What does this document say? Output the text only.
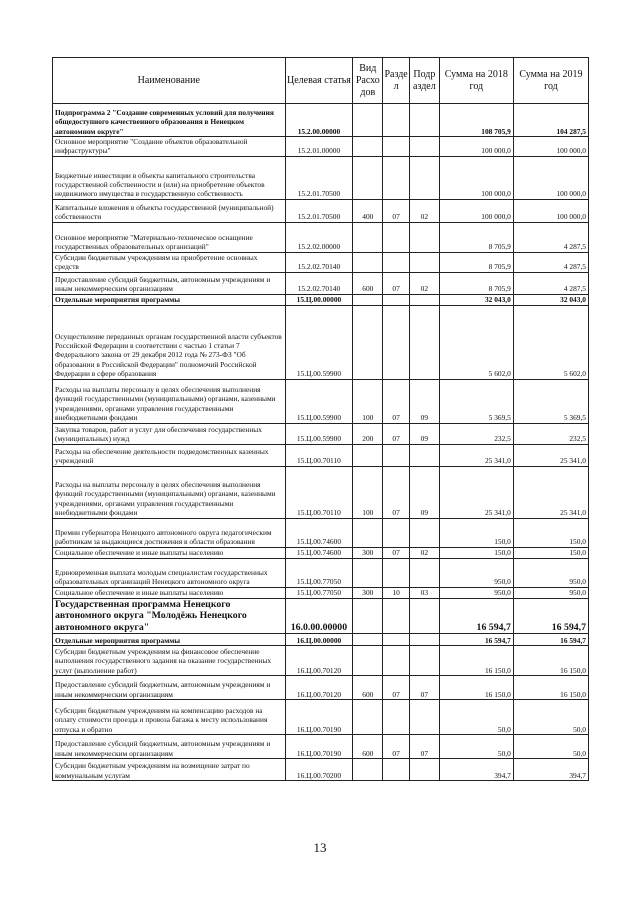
Наименование	Целевая статья	Вид Расхо дов	Разде л	Подр аздел	Сумма на 2018 год	Сумма на 2019 год
Подпрограмма 2 "Создание современных условий для получения общедоступного качественного образования в Ненецком автономном округе"	15.2.00.00000				108 705,9	104 287,5
Основное мероприятие "Создание объектов образовательной инфраструктуры"	15.2.01.00000				100 000,0	100 000,0
Бюджетные инвестиции в объекты капитального строительства государственной собственности и (или) на приобретение объектов недвижимого имущества в государственную собственность	15.2.01.70500				100 000,0	100 000,0
Капитальные вложения в объекты государственной (муниципальной) собственности	15.2.01.70500	400	07	02	100 000,0	100 000,0
Основное мероприятие "Материально-техническое оснащение государственных образовательных организаций"	15.2.02.00000				8 705,9	4 287,5
Субсидии бюджетным учреждениям на приобретение основных средств	15.2.02.70140				8 705,9	4 287,5
Предоставление субсидий бюджетным, автономным учреждениям и иным некоммерческим организациям	15.2.02.70140	600	07	02	8 705,9	4 287,5
Отдельные мероприятия программы	15.Ц.00.00000				32 043,0	32 043,0
Осуществление переданных органам государственной власти субъектов Российской Федерации в соответствии с частью 1 статьи 7 Федерального закона от 29 декабря 2012 года № 273-ФЗ "Об образовании в Российской Федерации" полномочий Российской Федерации в сфере образования	15.Ц.00.59900				5 602,0	5 602,0
Расходы на выплаты персоналу в целях обеспечения выполнения функций государственными (муниципальными) органами, казенными учреждениями, органами управления государственными внебюджетными фондами	15.Ц.00.59900	100	07	09	5 369,5	5 369,5
Закупка товаров, работ и услуг для обеспечения государственных (муниципальных) нужд	15.Ц.00.59900	200	07	09	232,5	232,5
Расходы на обеспечение деятельности подведомственных казенных учреждений	15.Ц.00.70110				25 341,0	25 341,0
Расходы на выплаты персоналу в целях обеспечения выполнения функций государственными (муниципальными) органами, казенными учреждениями, органами управления государственными внебюджетными фондами	15.Ц.00.70110	100	07	09	25 341,0	25 341,0
Премии губернатора Ненецкого автономного округа педагогическим работникам за выдающиеся достижения в области образования	15.Ц.00.74600				150,0	150,0
Социальное обеспечение и иные выплаты населению	15.Ц.00.74600	300	07	02	150,0	150,0
Единовременная выплата молодым специалистам государственных образовательных организаций Ненецкого автономного округа	15.Ц.00.77050				950,0	950,0
Социальное обеспечение и иные выплаты населению	15.Ц.00.77050	300	10	03	950,0	950,0
Государственная программа Ненецкого автономного округа "Молодёжь Ненецкого автономного округа"	16.0.00.00000				16 594,7	16 594,7
Отдельные мероприятия программы	16.Ц.00.00000				16 594,7	16 594,7
Субсидии бюджетным учреждениям на финансовое обеспечение выполнения государственного задания на оказание государственных услуг (выполнение работ)	16.Ц.00.70120				16 150,0	16 150,0
Предоставление субсидий бюджетным, автономным учреждениям и иным некоммерческим организациям	16.Ц.00.70120	600	07	07	16 150,0	16 150,0
Субсидии бюджетным учреждениям на компенсацию расходов на оплату стоимости проезда и провоза багажа к месту использования отпуска и обратно	16.Ц.00.70190				50,0	50,0
Предоставление субсидий бюджетным, автономным учреждениям и иным некоммерческим организациям	16.Ц.00.70190	600	07	07	50,0	50,0
Субсидии бюджетным учреждениям на возмещение затрат по коммунальным услугам	16.Ц.00.70200				394,7	394,7
13
